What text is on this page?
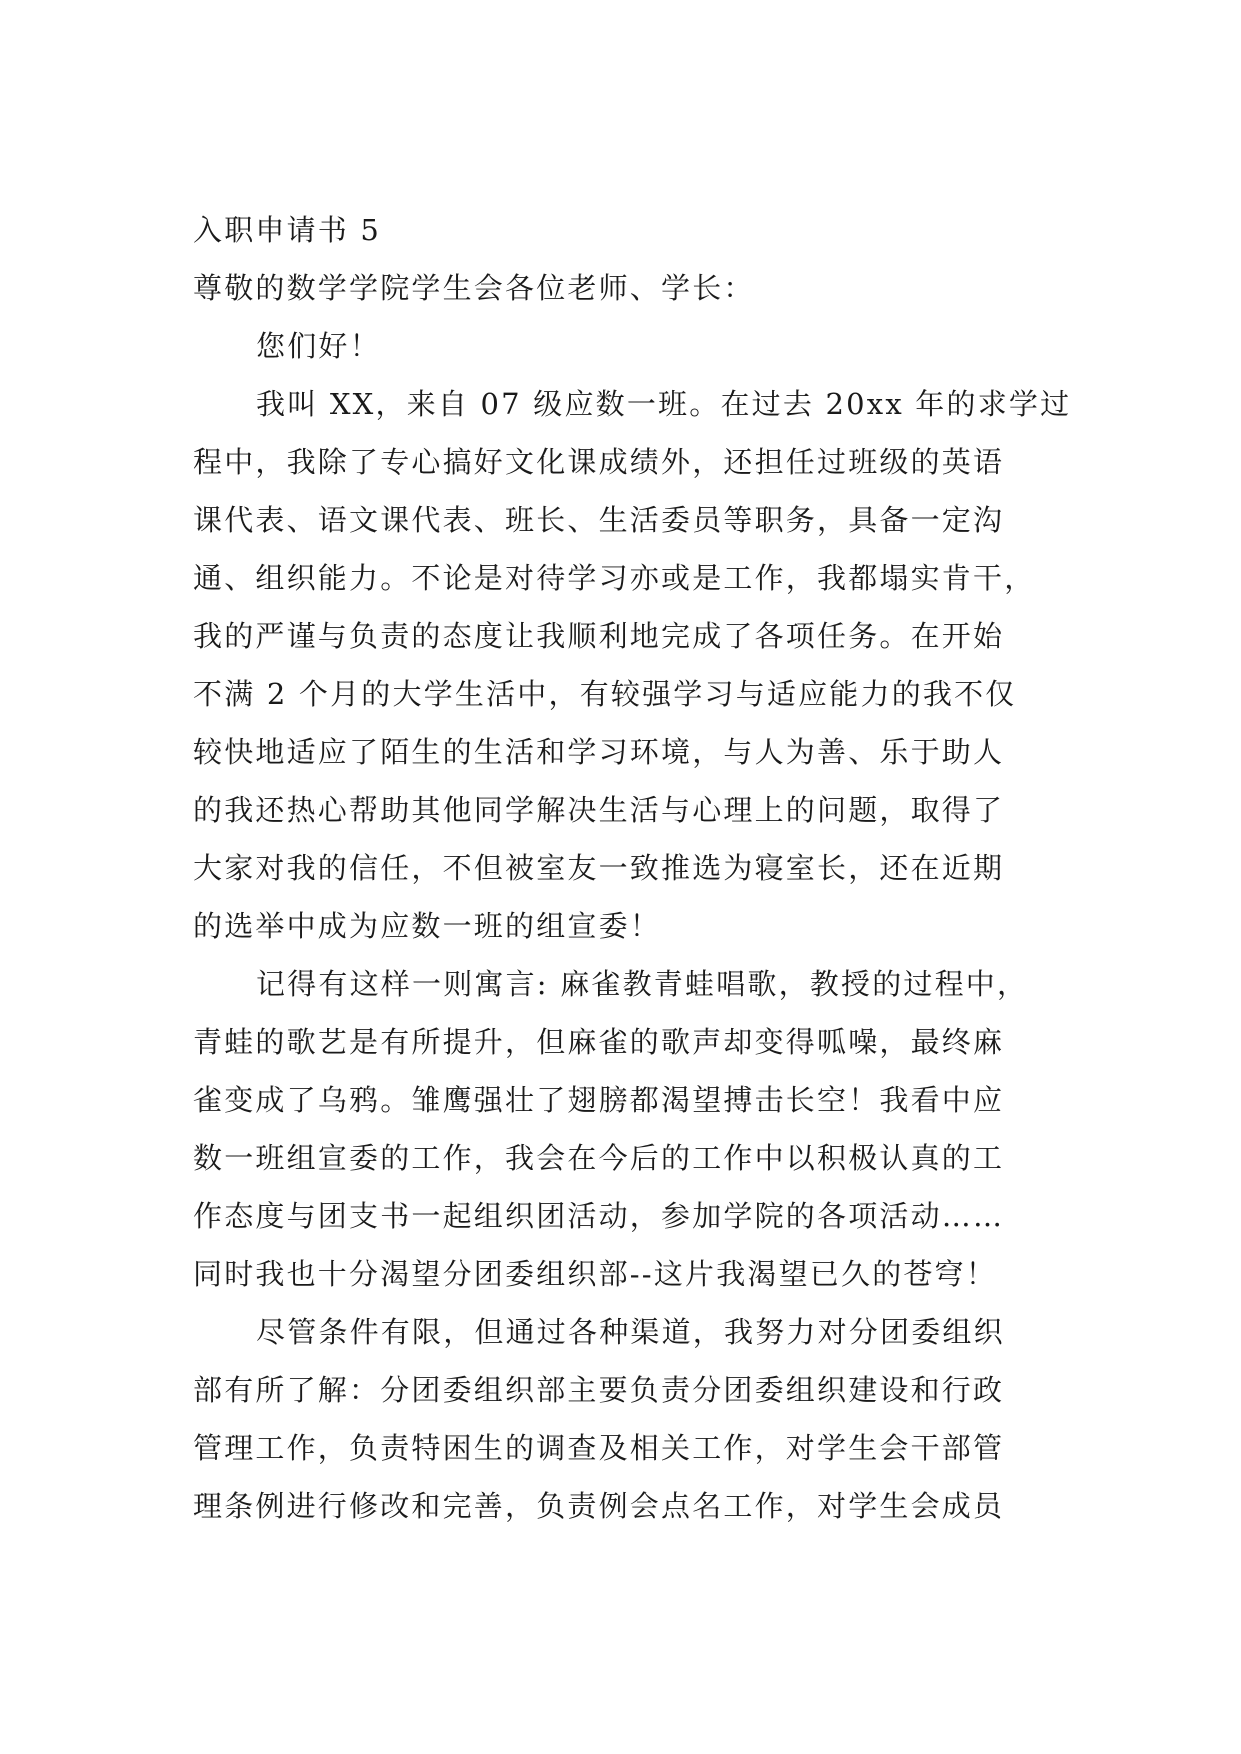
入职申请书 5
尊敬的数学学院学生会各位老师、学长：
您们好！
我叫 XX，来自 07 级应数一班。在过去 20xx 年的求学过
程中，我除了专心搞好文化课成绩外，还担任过班级的英语
课代表、语文课代表、班长、生活委员等职务，具备一定沟
通、组织能力。不论是对待学习亦或是工作，我都塌实肯干，
我的严谨与负责的态度让我顺利地完成了各项任务。在开始
不满 2 个月的大学生活中，有较强学习与适应能力的我不仅
较快地适应了陌生的生活和学习环境，与人为善、乐于助人
的我还热心帮助其他同学解决生活与心理上的问题，取得了
大家对我的信任，不但被室友一致推选为寝室长，还在近期
的选举中成为应数一班的组宣委！
记得有这样一则寓言: 麻雀教青蛙唱歌，教授的过程中，
青蛙的歌艺是有所提升，但麻雀的歌声却变得呱噪，最终麻
雀变成了乌鸦。雏鹰强壮了翅膀都渴望搏击长空！我看中应
数一班组宣委的工作，我会在今后的工作中以积极认真的工
作态度与团支书一起组织团活动，参加学院的各项活动……
同时我也十分渴望分团委组织部--这片我渴望已久的苍穹！
尽管条件有限，但通过各种渠道，我努力对分团委组织
部有所了解：分团委组织部主要负责分团委组织建设和行政
管理工作，负责特困生的调查及相关工作，对学生会干部管
理条例进行修改和完善，负责例会点名工作，对学生会成员
